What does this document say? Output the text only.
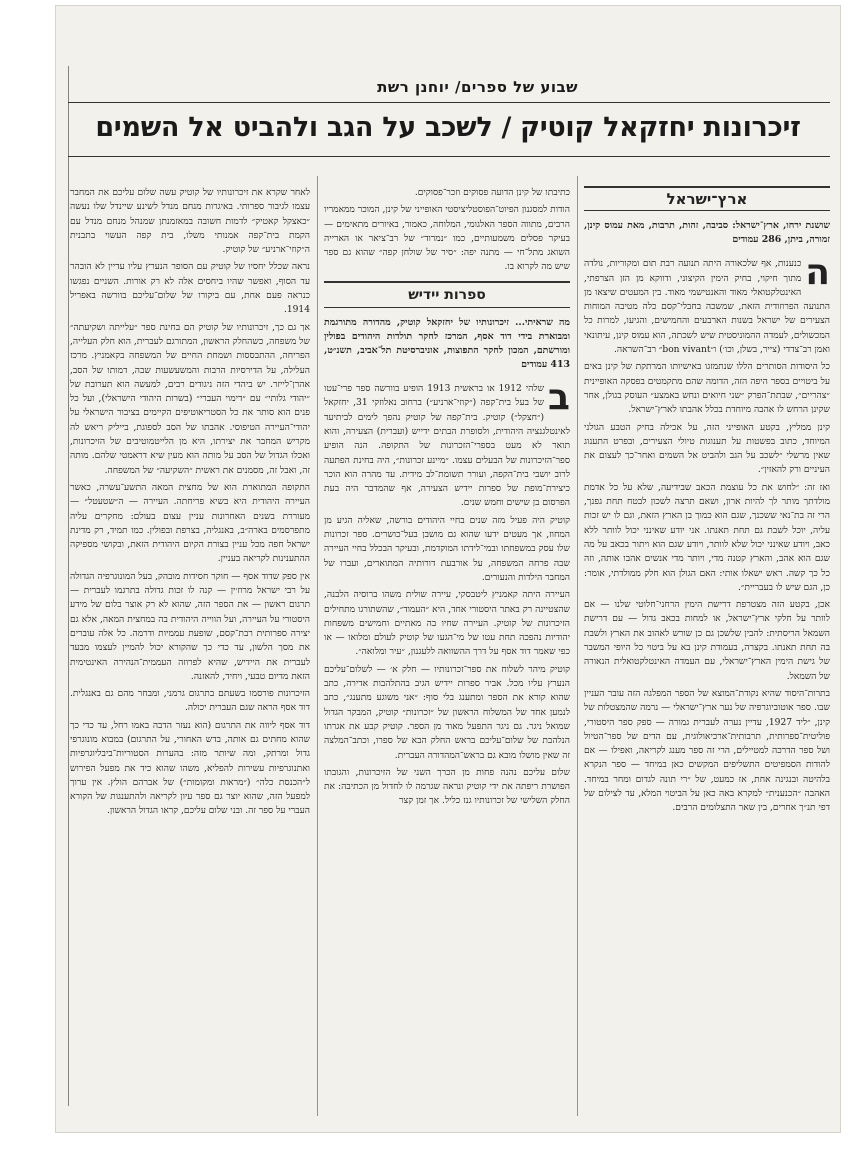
שבוע של ספרים/ יוחנן רשת
זיכרונות יחזקאל קוטיק / לשכב על הגב ולהביט אל השמים
ארץ־ישראל
שושנת ירחו, ארץ־ישראל: סביבה, זהות, תרבות, מאת עמוס קינן, זמורה, ביתן, 286 עמודים

ה
כנענות, אף שלכאורה היתה תנועה רבת תום ומקוריות, נולדה מתוך חיקוי, בחיק הימין הקיצוני, ודווקא מן הזן הצרפתי, האינטלקטואלי מאוד והאנטישמי מאוד. בין המעטים שיצאו מן התנועה הפרוזודית הזאת, שמשכה בחבלי־קסם כלה מטיבה המוחות הצעירים של ישראל בשנות הארבעים והחמישים, והגיעו, למרות כל המכשולים, לעמדה ההמוניסטית שיש לשכתה, הוא עמוס קינן, עיתונאי ואמן רב־צדדי (צייר, בשלן, וכו׳) ו״bon vivant״ רב־השראה.

כל היסודות הסותרים הללו שנתמזגו באישיותו המרתקת של קינן באים על ביטויים בספר היפה הזה, הדומה שהם מתקמטים בפסקה האופיינית ״צהריים״, שבתת־הפרק ״שני חיואים ונחש באמצע״ העוסק בגולן, אחר שקינן הרחש לו אהבה מיוחדת בכלל אהבתו לארץ־ישראל.

קינן ממליץ, בקטע האופייני הזה, על אכילה בחיק הטבע הגולני המיוחד, כתוב בפשטות על תענוגות טיולי הצעירים, ובפרט התענוג שאין מרשלי ״לשכב על הגב ולהביט אל השמים ואחר־כך לעצום את העיניים ורק להאזין״.

ואז זה: ״לחוש את כל עוצמת הכאב שבידיעה, שלא על כל אדמת מולדתך מותר לך להיות ארון, ושאם תרצה לשכון לבטח תחת גפנך, הרי זה בת־נאי ששכנך, שגם הוא כמוך בן הארץ הזאת, וגם לו יש זכות עליה, יוכל לשבת גם תחת תאנתו. אני יודע שאינני יכול לוותר ללא כאב, ויודע שאינני יכול שלא לוותר, ויודע שגם הוא ויתור בכאב על מה שגם הוא אהב, והארץ קטנה מדי, ויותר מדי אנשים אהבו אותה, וזה כל כך קשה. ראש ישאלו אותי: האם הגולן הוא חלק ממולדתי, אומר: כן, הגם שיש לו בעבריית״.

אכן, בקטע הזה מצטרפת דרישת הימין הרחני־חלוטי שלנו — אם לוותר על חלקי ארץ־ישראל, או למחות בכאב גדול — עם דרישת השמאל הריסתית: להבין שלשכן גם כן שורש לאהוב את הארץ ולשבת בה תחת תאנתו. בקצרה, בעמודת קינן בא על ביטוי כל היופי המשבר של גישת הימין הארץ־ישראלי, עם העמדה האינטלקטואלית הנאורה של השמאל.

בתרות־היסוד שהיא נקודת־המוצא של הספר המפלגה הזה עובר העניין שבו. ספר אוטוביוגרפיה של נער ארץ־ישראלי — נרמה שהמצטלות של קינן, ״ליד 1927, עדיין נערה לעברית גמורה — ספק ספר היסטורי, פוליטית־ספרותית, תרבותית־ארכיאולוגית, עם הדים של ספר־הטיול ושל ספר הדרכה למטיילים, הרי זה ספר מענג לקריאה, ואפילו — אם להודות הסמפיטים התשליפים המקשים כאן במיחד — ספר הנקרא בלהיטה ובנגינה אחת, אז כמעט, של ״רי תונה לגדום ומחר במיחד. האהבה ״הכנענית״ למקרא באה כאן על הביטוי המלא, עד לצילום של דפי תנ״ך אחרים, בין שאר התצלומים הרבים.

כתיבתו של קינן הדועה פסוקים וזכר־פסוקים.

הודות למסגנון הפיוט־הפוסטליציסטי האופייני של קינן, המוכר ממאמריו הרבים, מתווה הספר האלגומי, המלוחה, כאמור, באיורים מתאימים — בעיקר פסלים משמעותיים, כמו ״נמרוד״ של רב־ציאר או הארייה השואג מתל־חי — מתנה יפה: ״סיר של שולחן קפה״ שהוא גם ספר שיש מה לקרוא בו.

ספרות יידיש
מה שראיתי... זיכרונותיו של יחזקאל קוטיק, מהדורה מתורגמת ומבוארת בידי דוד אסף, המרכז לחקר תולדות היהודים בפולין ומורשתם, המכון לחקר התפוצות, אוניברסיטת תל־אביב, תשנ״ט, 413 עמודים

ב
שלהי 1912 או בראשית 1913 הופיע בוורשה ספר פרי־עטו של בעל בית־קפה (״קוזי־ארניע״) ברחוב נאלוזקי 31, יחזקאל (״חצקל״) קוטיק. בית־קפה של קוטיק נהפך לימים לביתיעד לאינטלגנציה היהודית, ולסופרת הבתים ידייש (ועברית) הצעירה, והוא תואר לא מעט בספרי־הזכרונות של התקופה. הנה הופיע ספר־הזיכרונות של הבעלים עצמו. ״מיינע זכרונות״, היה בחינת הפתעה לרוב יושבי בית־הקפה, ועורר תשומת־לב מידית. עד מהרה הוא הוכר כיצירת־מופת של ספרות יידיש הצעירה, אף שהמדבר היה בעת הפרסום בן שישים וחמש שנים.

קוטיק היה פעיל מזה שנים בחיי היהודים בורשה, שאליה הגיע מן המחוז, אך מעטים ידעו שהוא גם מושבן בעל־כושרים. ספר זכרונות שלו עסק במשפחתו ובמי־לידתו המוקדמת, ובעיקר הבכלל בחיי העיירה שבה פרחה המשפחה, על אורבעת דורותיה המתוארים, ועברו של המחבר הילדות והנעורים.

העיירה היתה קאמניץ ליטבסקי, עיירה שולית משהו ברוסיה הלבנה, שהצטיינה רק באתר היסטורי אחד, היא ״העמוד״, שהשתורגו מתחילים הזיכרונות של קוטיק. העיירה שחיו בה מאתיים וחמישים משפחות יהודיות נהפכה תחת עטו של מי־הגעו של קוטיק לעולם ומלואו — או כפי שאמר דוד אסף על דרך ההשוואה ללעגנון, ״עיר ומלואה״.

קוטיק מיהר לשלוח את ספר־זכרונותיו — חלק א׳ — לשלום־עליכם הנערץ עליו מכל. אביר ספרות יידיש הגיב בהתלהבות אדירה, כתב שהוא קורא את הספר ומתענג בלי סוף: ״אני משוגע מתענג״, כתב לנמען אחד של המשלוח הראשון של ״זכרונות״ קוטיק, המבקר הגדול שמואל ניגר. גם ניגר התפעל מאוד מן הספר. קוטיק קבע את אגרתו הנלהבת של שלום־עליכם בראש החלק הבא של ספרו, וכתב־המלצה זה שאין מושלו מובא גם בראש־המהדורה העברית.

שלום עליכם נהנה פחות מן הכרך השני של הזיכרונות, והגובתו הפושרת ריפתה את ידי קוטיק ונראה שגרמה לו לחדול מן הכתיבה: את החלק השלישי של זכרונותיו גנז כליל. אך זמן קצר

לאחר שקרא את זיכרונותיו של קוטיק עשה שלום עליכם את המחבר עצמו לגיבור ספרותי. באיגרות מנחם מנדל לשינע שיינדל שלו נעשה ״כאצקל קאטיק״ לדמות חשובה במאזמנתן שמנהל מנחם מנדל עם הקמת בית־קפה אמנותי משלו, בית קפה העשוי בתבנית ה״קוזי־ארניע״ של קוטיק.

נראה שכלל יחסיו של קוטיק עם הסופר הנערץ עליו עדיין לא הובהר עד הסוף, ואפשר שהיו ביחסים אלה לא רק אורות. השניים נפגשו כנראה פעם אחת, עם ביקורו של שלום־עליכם בוורשה באפריל 1914.

אך גם כך, זיכרונותיו של קוטיק הם בחינת ספר ״עלייתה ושקיעתה״ של משפחה, כשהחלק הראשון, המתורגם לעברית, הוא חלק העלייה, הפריחה, ההתבססות ושמחת החיים של המשפחה בקאמניץ. מרכז העלילה, על הדירסיות הרבות והמשעשעות שבה, דמותו של הסב, אהרן־לייזר. יש ביהדי הזה ניגודים רבים, למעשה הוא תערובת של ״יהודי גלותי״ עם ״דימוי העברי״ (בשרות היהודי הישראלי), ועל כל פנים הוא סותר את כל הסטריאוטיפים הקיימים בציבור הישראלי על יהודי־העיירה הטיפוסי. אהבתו של הסב לספוגת, בייליק ריאש לה מקריש המחבר את יצירתו, היא מן הלייטמוטיבים של הזיכרונות, ואכלו הגדול של הסב על מותה הוא מעין שיא דראמטי שלהם. מותה זה, ואבל זה, מסמנים את ראשית ״השקיעה״ של המשפחה.

התקופה המתוארת הוא של מחצית המאה התשע־עשרה, כאשר העיירה היהודית היא בשיא פריחתה. העיירה — ה״שטעטל״ — מעוררת בשנים האחרונות עניין עצום בעולם: מחקרים עליה מתפרסמים בארה״ב, באנגליה, בצרפת ובפולין. כמו תמיד, רק מדינת ישראל חפה מכל עניין בצורת הקיום היהודית הזאת, ובקושי מספיקה ההתענינות לקריאה בעניין.

אין ספק שדוד אסף — חוקר חסידות מובהק, בעל המונוגרפיה הגדולה על רבי ישראל מרוז׳ין — קנה לו זכות גדולה בתרגמו לעברית — תרגום ראשון — את הספר הזה, שהוא לא רק אוצר בלום של מידע היסטורי על העיירה, ועל הווייה היהודית בה במחצית המאה, אלא גם יצירה ספרותית רבת־קסם, שופעת עממיות ודרמה. כל אלה עוברים את מסך הלשון, עד כדי כך שהקורא יכול להמיין לעצמו מבעד לעברית את היידיש, שהיא לפרוזה העממית־הנהירה האינטימית הזאת מדיום טבעי, ויחיד, להאזנה.

הזיכרונות פורסמו בשעתם בתרגום גרמני, ומבחר מהם גם באנגלית. דוד אסף הראה שגם העברית יכולה.

דוד אסף ליווה את התרגום (הוא נעזר הדבה באמו רחל, עד כדי כך שהוא מחתים גם אותה, בדש האחורי, על התרגום) במבוא מונוגרפי גדול ומרתק, ומה שיותר מזה: בהערות הסטוריות־ביבליוגרפיות ואתנוגרפיות עשירות להפליא, משהו שהוא כיד את מפעל הפירוש ל״הכנסת כלה״ (״מראות ומקומות״) של אברהם הולץ. אין ערוך למפעל הזה, שהוא יוצר גם ספר עיון לקריאה ולהתענגות של הקורא העברי על ספר זה. ובני שלום עליכם, קראו הגדול הראשון.
